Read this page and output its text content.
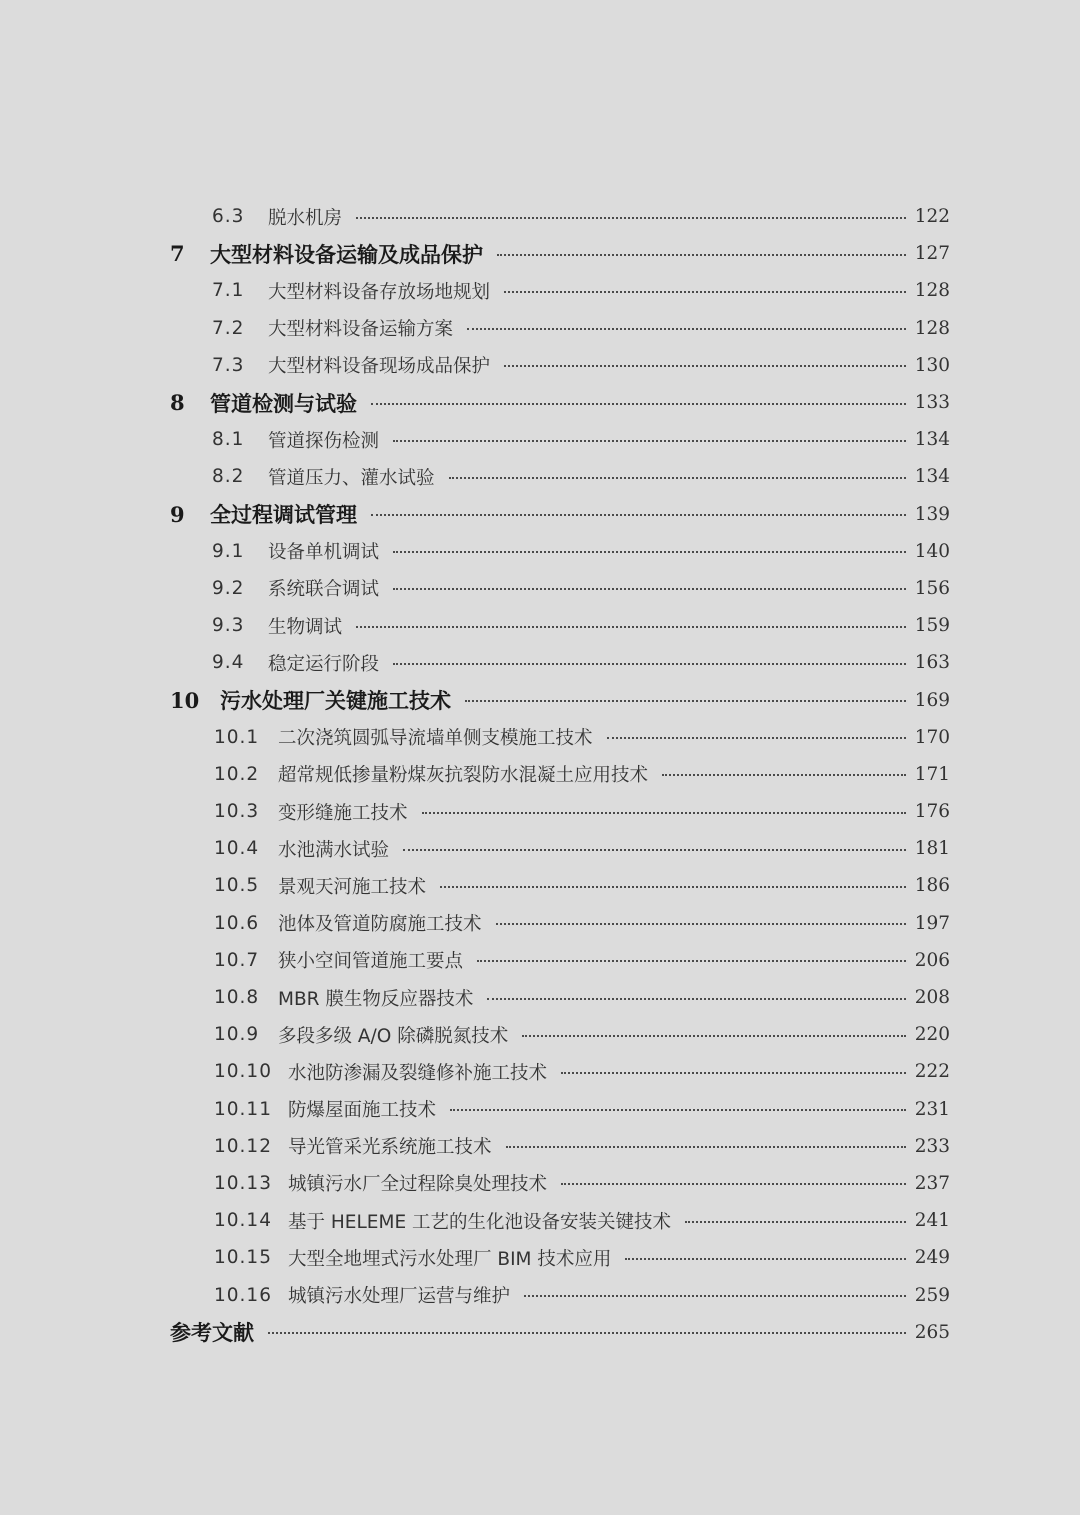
6.3	脱水机房	122
7	大型材料设备运输及成品保护	127
7.1	大型材料设备存放场地规划	128
7.2	大型材料设备运输方案	128
7.3	大型材料设备现场成品保护	130
8	管道检测与试验	133
8.1	管道探伤检测	134
8.2	管道压力、灌水试验	134
9	全过程调试管理	139
9.1	设备单机调试	140
9.2	系统联合调试	156
9.3	生物调试	159
9.4	稳定运行阶段	163
10 污水处理厂关键施工技术	169
10.1	二次浇筑圆弧导流墙单侧支模施工技术	170
10.2	超常规低掺量粉煤灰抗裂防水混凝土应用技术	171
10.3	变形缝施工技术	176
10.4	水池满水试验	181
10.5	景观天河施工技术	186
10.6	池体及管道防腐施工技术	197
10.7	狭小空间管道施工要点	206
10.8	MBR 膜生物反应器技术	208
10.9	多段多级 A/O 除磷脱氮技术	220
10.10 水池防渗漏及裂缝修补施工技术	222
10.11 防爆屋面施工技术	231
10.12 导光管采光系统施工技术	233
10.13 城镇污水厂全过程除臭处理技术	237
10.14 基于 HELEME 工艺的生化池设备安装关键技术	241
10.15 大型全地埋式污水处理厂 BIM 技术应用	249
10.16 城镇污水处理厂运营与维护	259
参考文献	265
